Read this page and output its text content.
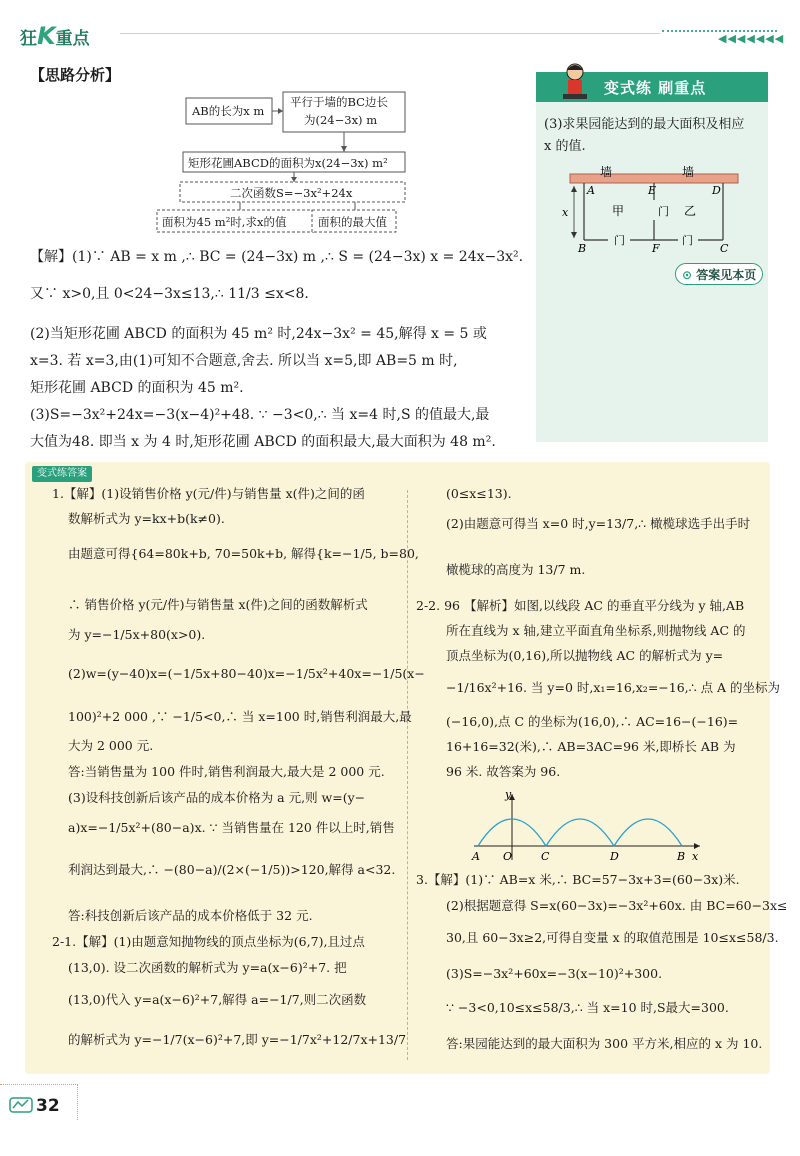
狂K重点	◀◀◀◀◀◀◀
【思路分析】
AB的长为x m
平行于墙的BC边长
为(24−3x) m
矩形花圃ABCD的面积为x(24−3x) m²
二次函数S=−3x²+24x
面积为45 m²时,求x的值	面积的最大值
【解】(1)∵ AB = x m ,∴ BC = (24−3x) m ,∴ S = (24−3x) x = 24x−3x².
又∵ x>0,且 0<24−3x≤13,∴ 11/3 ≤x<8.
(2)当矩形花圃 ABCD 的面积为 45 m² 时,24x−3x² = 45,解得 x = 5 或
x=3. 若 x=3,由(1)可知不合题意,舍去. 所以当 x=5,即 AB=5 m 时,
矩形花圃 ABCD 的面积为 45 m².
(3)S=−3x²+24x=−3(x−4)²+48. ∵ −3<0,∴ 当 x=4 时,S 的值最大,最
大值为48. 即当 x 为 4 时,矩形花圃 ABCD 的面积最大,最大面积为 48 m².
变式练 刷重点
(3)求果园能达到的最大面积及相应
x 的值.
墙	墙
A	E	D
B	F	C
甲	乙
门
门	门
x
⊙ 答案见本页
变式练答案
1.【解】(1)设销售价格 y(元/件)与销售量 x(件)之间的函
数解析式为 y=kx+b(k≠0).
由题意可得{64=80k+b, 70=50k+b, 解得{k=−1/5, b=80,
∴ 销售价格 y(元/件)与销售量 x(件)之间的函数解析式
为 y=−1/5x+80(x>0).
(2)w=(y−40)x=(−1/5x+80−40)x=−1/5x²+40x=−1/5(x−
100)²+2 000 ,∵ −1/5<0,∴ 当 x=100 时,销售利润最大,最
大为 2 000 元.
答:当销售量为 100 件时,销售利润最大,最大是 2 000 元.
(3)设科技创新后该产品的成本价格为 a 元,则 w=(y−
a)x=−1/5x²+(80−a)x. ∵ 当销售量在 120 件以上时,销售
利润达到最大,∴ −(80−a)/(2×(−1/5))>120,解得 a<32.
答:科技创新后该产品的成本价格低于 32 元.
2-1.【解】(1)由题意知抛物线的顶点坐标为(6,7),且过点
(13,0). 设二次函数的解析式为 y=a(x−6)²+7. 把
(13,0)代入 y=a(x−6)²+7,解得 a=−1/7,则二次函数
的解析式为 y=−1/7(x−6)²+7,即 y=−1/7x²+12/7x+13/7
(0≤x≤13).
(2)由题意可得当 x=0 时,y=13/7,∴ 橄榄球选手出手时
橄榄球的高度为 13/7 m.
2-2. 96 【解析】如图,以线段 AC 的垂直平分线为 y 轴,AB
所在直线为 x 轴,建立平面直角坐标系,则抛物线 AC 的
顶点坐标为(0,16),所以抛物线 AC 的解析式为 y=
−1/16x²+16. 当 y=0 时,x₁=16,x₂=−16,∴ 点 A 的坐标为
(−16,0),点 C 的坐标为(16,0),∴ AC=16−(−16)=
16+16=32(米),∴ AB=3AC=96 米,即桥长 AB 为
96 米. 故答案为 96.
y
A O	C	D	B x
3.【解】(1)∵ AB=x 米,∴ BC=57−3x+3=(60−3x)米.
(2)根据题意得 S=x(60−3x)=−3x²+60x. 由 BC=60−3x≤
30,且 60−3x≥2,可得自变量 x 的取值范围是 10≤x≤58/3.
(3)S=−3x²+60x=−3(x−10)²+300.
∵ −3<0,10≤x≤58/3,∴ 当 x=10 时,S最大=300.
答:果园能达到的最大面积为 300 平方米,相应的 x 为 10.
32
